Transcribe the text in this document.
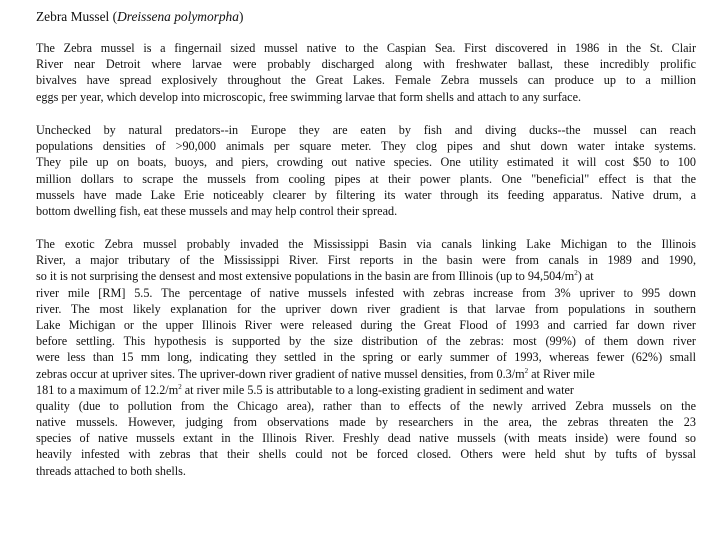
Zebra Mussel (Dreissena polymorpha)
The Zebra mussel is a fingernail sized mussel native to the Caspian Sea. First discovered in 1986 in the St. Clair
River near Detroit where larvae were probably discharged along with freshwater ballast, these incredibly prolific
bivalves have spread explosively throughout the Great Lakes. Female Zebra mussels can produce up to a million
eggs per year, which develop into microscopic, free swimming larvae that form shells and attach to any surface.
Unchecked by natural predators--in Europe they are eaten by fish and diving ducks--the mussel can reach
populations densities of >90,000 animals per square meter. They clog pipes and shut down water intake systems.
They pile up on boats, buoys, and piers, crowding out native species. One utility estimated it will cost $50 to 100
million dollars to scrape the mussels from cooling pipes at their power plants. One "beneficial" effect is that the
mussels have made Lake Erie noticeably clearer by filtering its water through its feeding apparatus. Native drum, a
bottom dwelling fish, eat these mussels and may help control their spread.
The exotic Zebra mussel probably invaded the Mississippi Basin via canals linking Lake Michigan to the Illinois
River, a major tributary of the Mississippi River. First reports in the basin were from canals in 1989 and 1990,
so it is not surprising the densest and most extensive populations in the basin are from Illinois (up to $94,504/m^2$) at
river mile [RM] 5.5. The percentage of native mussels infested with zebras increase from 3% upriver to 995 down
river. The most likely explanation for the upriver down river gradient is that larvae from populations in southern
Lake Michigan or the upper Illinois River were released during the Great Flood of 1993 and carried far down river
before settling. This hypothesis is supported by the size distribution of the zebras: most (99%) of them down river
were less than 15 mm long, indicating they settled in the spring or early summer of 1993, whereas fewer (62%) small
zebras occur at upriver sites. The upriver-down river gradient of native mussel densities, from $0.3/m^2$ at River mile
181 to a maximum of $12.2/m^2$ at river mile 5.5 is attributable to a long-existing gradient in sediment and water
quality (due to pollution from the Chicago area), rather than to effects of the newly arrived Zebra mussels on the
native mussels. However, judging from observations made by researchers in the area, the zebras threaten the 23
species of native mussels extant in the Illinois River. Freshly dead native mussels (with meats inside) were found so
heavily infested with zebras that their shells could not be forced closed. Others were held shut by tufts of byssal
threads attached to both shells.
